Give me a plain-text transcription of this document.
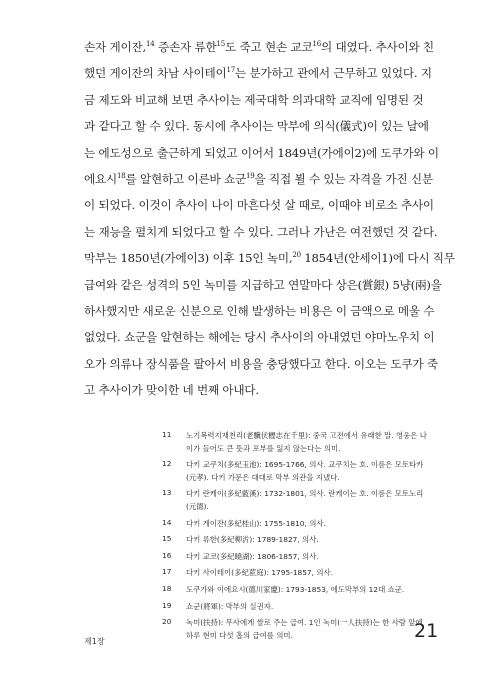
손자 게이잔,$^{14}$ 증손자 류한$^{15}$도 죽고 현손 교코$^{16}$의 대였다. 추사이와 친
했던 게이잔의 차남 사이테이$^{17}$는 분가하고 관에서 근무하고 있었다. 지
금 제도와 비교해 보면 추사이는 제국대학 의과대학 교직에 임명된 것
과 같다고 할 수 있다. 동시에 추사이는 막부에 의식(儀式)이 있는 날에
는 에도성으로 출근하게 되었고 이어서 1849년(가에이2)에 도쿠가와 이
에요시$^{18}$를 알현하고 이른바 쇼군$^{19}$을 직접 뵐 수 있는 자격을 가진 신분
이 되었다. 이것이 추사이 나이 마흔다섯 살 때로, 이때야 비로소 추사이
는 재능을 펼치게 되었다고 할 수 있다. 그러나 가난은 여전했던 것 같다.
막부는 1850년(가에이3) 이후 15인 녹미,$^{20}$ 1854년(안세이1)에 다시 직무
급여와 같은 성격의 5인 녹미를 지급하고 연말마다 상은(賞銀) 5냥(兩)을
하사했지만 새로운 신분으로 인해 발생하는 비용은 이 금액으로 메울 수
없었다. 쇼군을 알현하는 해에는 당시 추사이의 아내였던 야마노우치 이
오가 의류나 장식품을 팔아서 비용을 충당했다고 한다. 이오는 도쿠가 죽
고 추사이가 맞이한 네 번째 아내다.
11	노기복력지재천리(老驥伏櫪志在千里): 중국 고전에서 유래한 말. 영웅은 나
이가 들어도 큰 뜻과 포부를 잃지 않는다는 의미.
12	다키 교쿠치(多紀玉池): 1695-1766, 의사. 교쿠치는 호. 이름은 모토타카
(元孝). 다키 가문은 대대로 막부 의관을 지냈다.
13	다키 란케이(多紀藍溪): 1732-1801, 의사. 란케이는 호. 이름은 모토노리
(元德).
14	다키 게이잔(多紀桂山): 1755-1810, 의사.
15	다키 류한(多紀柳沜): 1789-1827, 의사.
16	다키 교코(多紀曉湖): 1806-1857, 의사.
17	다키 사이테이(多紀茝庭): 1795-1857, 의사.
18	도쿠가와 이에요시(德川家慶): 1793-1853, 에도막부의 12대 쇼군.
19	쇼군(將軍): 막부의 실권자.
20	녹미(扶持): 무사에게 쌀로 주는 급여. 1인 녹미(一人扶持)는 한 사람 앞에
하루 현미 다섯 홉의 급여를 의미.
제1장	21
